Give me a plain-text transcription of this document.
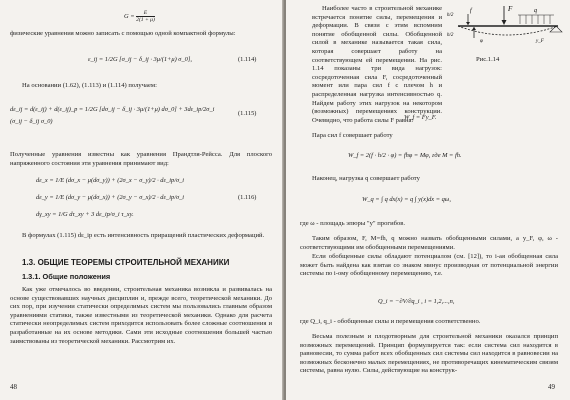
$G = \frac{E}{2(1 + \mu)}$
физические уравнения можно записать с помощью одной компактной формулы:
ε_ij = 1/2G [σ_ij − δ_ij · 3μ/(1+μ) σ_0],	(1.114)
На основании (1.62), (1.113) и (1.114) получаем:
dε_ij = d(ε_ij) + d(ε_ij)_p = 1/2G [dσ_ij − δ_ij · 3μ/(1+μ) dσ_0] + 3dε_ip/2σ_i (σ_ij − δ_ij σ_0)
(1.115)
Полученные уравнения известны как уравнения Прандтля-Рейсса. Для плоского напряженного состояния эти уравнения принимают вид:
dε_x = 1/E (dσ_x − μ(dσ_y)) + (2σ_x − σ_y)/2 · dε_ip/σ_i
dε_y = 1/E (dσ_y − μ(dσ_x)) + (2σ_y − σ_x)/2 · dε_ip/σ_i
dγ_xy = 1/G dτ_xy + 3 dε_ip/σ_i τ_xy.
(1.116)
В формулах (1.115) dε_ip есть интенсивность приращений пластических деформаций.
1.3. ОБЩИЕ ТЕОРЕМЫ СТРОИТЕЛЬНОЙ МЕХАНИКИ
1.3.1. Общие положения
Как уже отмечалось во введении, строительная механика возникла и развивалась на основе существовавших научных дисциплин и, прежде всего, теоретической механики. До сих пор, при изучении статически определимых систем мы пользовались главным образом уравнениями статики, также известными из теоретической механики. Однако для расчета статически неопределимых систем приходится использовать более сложные соотношения и разработанные на их основе методики. Сами эти исходные соотношения большей частью заимствованы из теоретической механики. Рассмотрим их.
48
Наиболее часто в строительной механике встречается понятие силы, перемещения и деформации. В связи с этим вспомним понятие обобщенной силы. Обобщенной силой в механике называется такая сила, которая совершает работу на соответствующем ей перемещении. На рис. 1.14 показаны три вида нагрузок: сосредоточенная сила F, сосредоточенный момент или пара сил f с плечом h и распределенная нагрузка интенсивностью q. Найдем работу этих нагрузок на некотором (возможных) перемещениях конструкции. Очевидно, что работа силы F равна:
F
f
h/2
h/2
q
y_F
φ
Рис.1.14
W_f = Fy_F.
Пара сил f совершает работу
W_f = 2(f · h/2 · φ) = fhφ = Mφ, где M = fh.
Наконец, нагрузка q совершает работу
W_q = ∫ q dx(x) = q ∫ y(x)dx = qω,
где ω - площадь эпюры "y" прогибов.
Таким образом, F, M=fh, q можно назвать обобщенными силами, а y_F, φ, ω - соответствующими им обобщенными перемещениями.
Если обобщенные силы обладают потенциалом (см. [12]), то i-ая обобщенная сила может быть найдена как взятая со знаком минус производная от потенциальной энергии системы по i-ому обобщенному перемещению, т.е.
Q_i = −∂V/∂q_i , i = 1,2,...,n,
где Q_i, q_i - обобщенные силы и перемещения соответственно.
Весьма полезным и плодотворным для строительной механики оказался принцип возможных перемещений. Принцип формулируется так: если система сил находится в равновесии, то сумма работ всех обобщенных сил системы сил находится в равновесии на возможных бесконечно малых перемещениях, не противоречащих кинематическим связям системы, равна нулю. Силы, действующие на конструк-
49
